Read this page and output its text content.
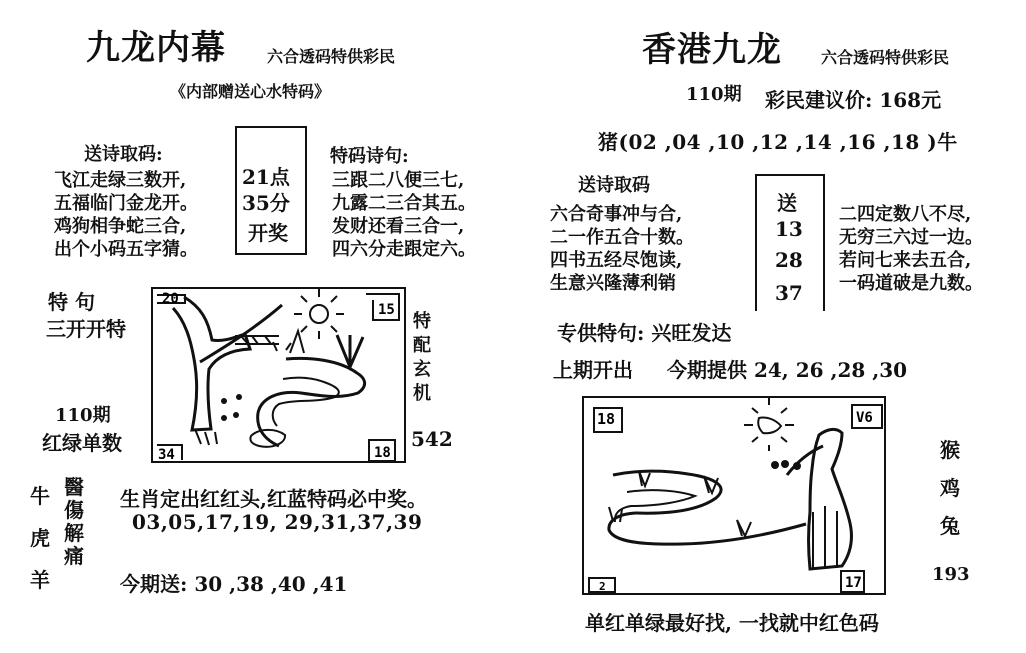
九龙内幕	六合透码特供彩民
《内部赠送心水特码》
送诗取码:
飞江走绿三数开,
五福临门金龙开。
鸡狗相争蛇三合,
出个小码五字猜。
21点
35分
开奖
特码诗句:
三跟二八便三七,
九露二三合其五。
发财还看三合一,
四六分走跟定六。
特 句
三开开特
110期
红绿单数
20
15
34	18
特
配
玄
机
542
牛
虎
羊
醫
傷
解
痛
生肖定出红红头,红蓝特码必中奖。
03,05,17,19, 29,31,37,39
今期送: 30 ,38 ,40 ,41
香港九龙 六合透码特供彩民
110期 彩民建议价: 168元
猪(02 ,04 ,10 ,12 ,14 ,16 ,18 )牛
送诗取码
六合奇事冲与合,
二一作五合十数。
四书五经尽饱读,
生意兴隆薄利销
送
13
28
37
二四定数八不尽,
无穷三六过一边。
若问七来去五合,
一码道破是九数。
专供特句: 兴旺发达
上期开出 今期提供 24, 26 ,28 ,30
18	V6
2	17
猴
鸡
兔
193
单红单绿最好找, 一找就中红色码
